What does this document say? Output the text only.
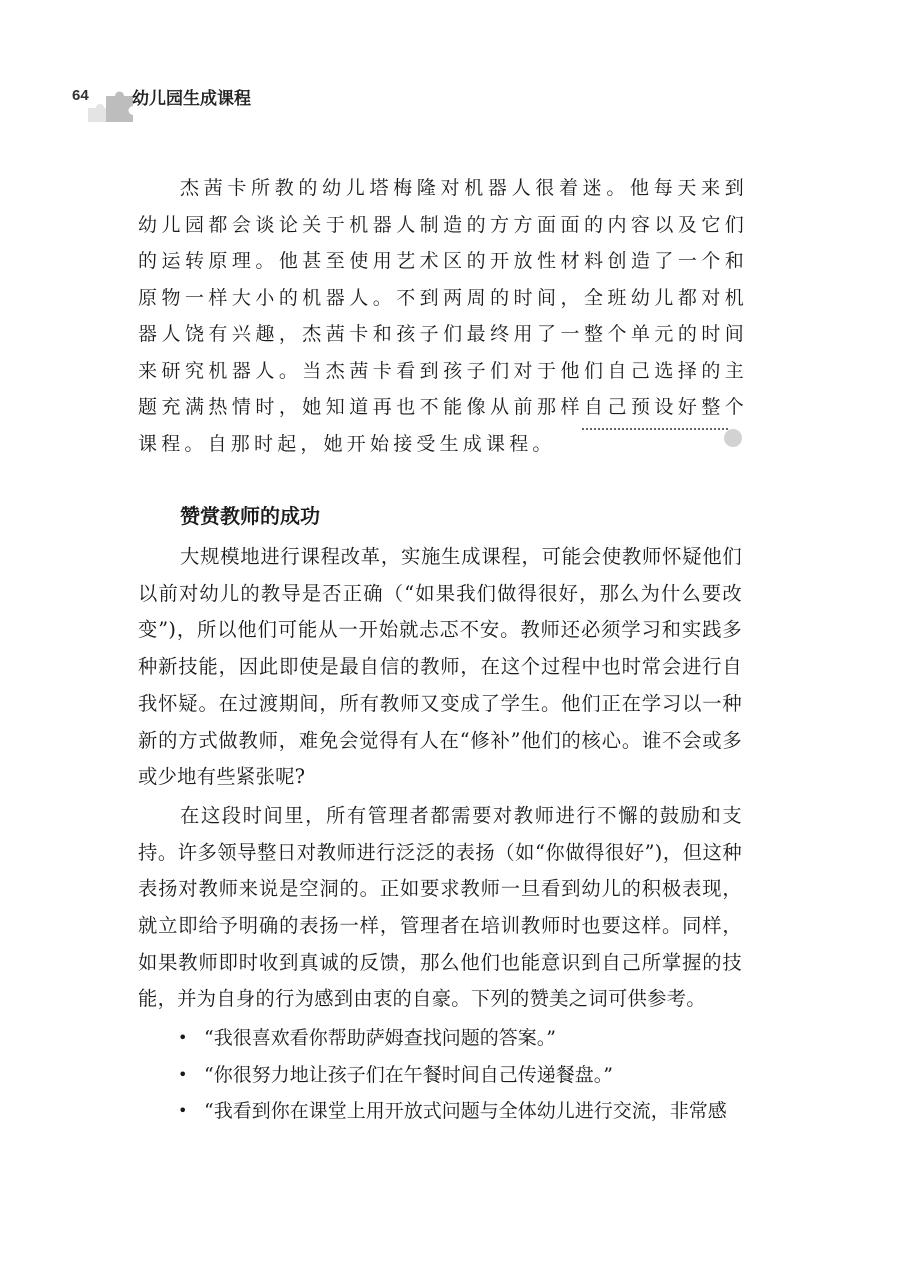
64	幼儿园生成课程

杰茜卡所教的幼儿塔梅隆对机器人很着迷。他每天来到幼儿园都会谈论关于机器人制造的方方面面的内容以及它们的运转原理。他甚至使用艺术区的开放性材料创造了一个和原物一样大小的机器人。不到两周的时间，全班幼儿都对机器人饶有兴趣，杰茜卡和孩子们最终用了一整个单元的时间来研究机器人。当杰茜卡看到孩子们对于他们自己选择的主题充满热情时，她知道再也不能像从前那样自己预设好整个课程。自那时起，她开始接受生成课程。

赞赏教师的成功

大规模地进行课程改革，实施生成课程，可能会使教师怀疑他们以前对幼儿的教导是否正确（“如果我们做得很好，那么为什么要改变”)，所以他们可能从一开始就忐忑不安。教师还必须学习和实践多种新技能，因此即使是最自信的教师，在这个过程中也时常会进行自我怀疑。在过渡期间，所有教师又变成了学生。他们正在学习以一种新的方式做教师，难免会觉得有人在“修补”他们的核心。谁不会或多或少地有些紧张呢?

在这段时间里，所有管理者都需要对教师进行不懈的鼓励和支持。许多领导整日对教师进行泛泛的表扬（如“你做得很好”)，但这种表扬对教师来说是空洞的。正如要求教师一旦看到幼儿的积极表现，就立即给予明确的表扬一样，管理者在培训教师时也要这样。同样，如果教师即时收到真诚的反馈，那么他们也能意识到自己所掌握的技能，并为自身的行为感到由衷的自豪。下列的赞美之词可供参考。

• “我很喜欢看你帮助萨姆查找问题的答案。”
• “你很努力地让孩子们在午餐时间自己传递餐盘。”
• “我看到你在课堂上用开放式问题与全体幼儿进行交流，非常感
